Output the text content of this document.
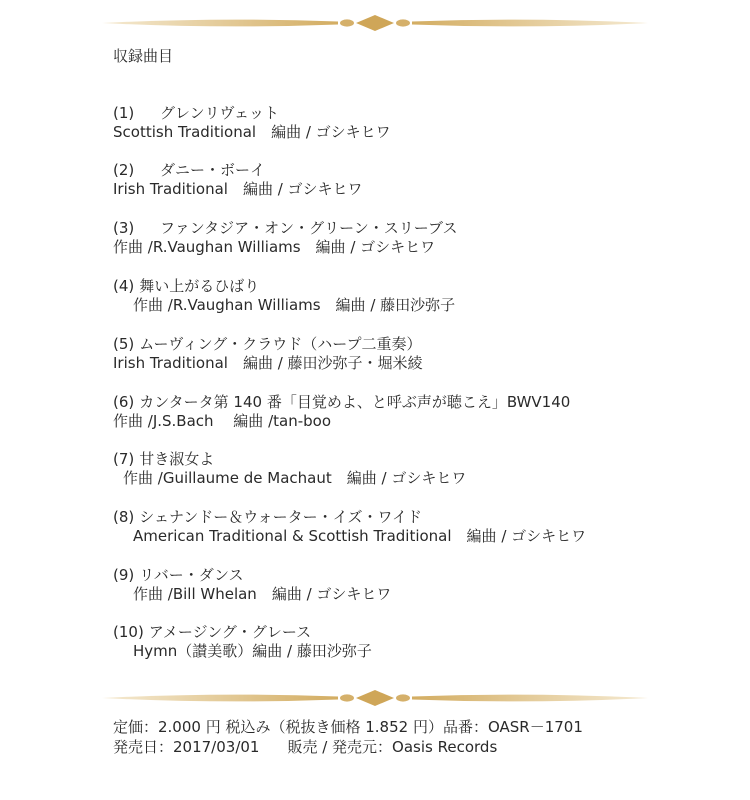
収録曲目
(1) グレンリヴェット
Scottish Traditional　編曲 / ゴシキヒワ
(2) ダニー・ボーイ
Irish Traditional　編曲 / ゴシキヒワ
(3) ファンタジア・オン・グリーン・スリーブス
作曲 /R.Vaughan Williams　編曲 / ゴシキヒワ
(4) 舞い上がるひばり
作曲 /R.Vaughan Williams　編曲 / 藤田沙弥子
(5) ムーヴィング・クラウド（ハープ二重奏）
Irish Traditional　編曲 / 藤田沙弥子・堀米綾
(6) カンタータ第 140 番「目覚めよ、と呼ぶ声が聴こえ」BWV140
作曲 /J.S.Bach　 編曲 /tan-boo
(7) 甘き淑女よ
作曲 /Guillaume de Machaut　編曲 / ゴシキヒワ
(8) シェナンドー＆ウォーター・イズ・ワイド
American Traditional & Scottish Traditional　編曲 / ゴシキヒワ
(9) リバー・ダンス
作曲 /Bill Whelan　編曲 / ゴシキヒワ
(10) アメージング・グレース
Hymn（讃美歌）編曲 / 藤田沙弥子
定価：2.000 円 税込み（税抜き価格 1.852 円）品番：OASR－1701
発売日：2017/03/01 販売 / 発売元：Oasis Records
